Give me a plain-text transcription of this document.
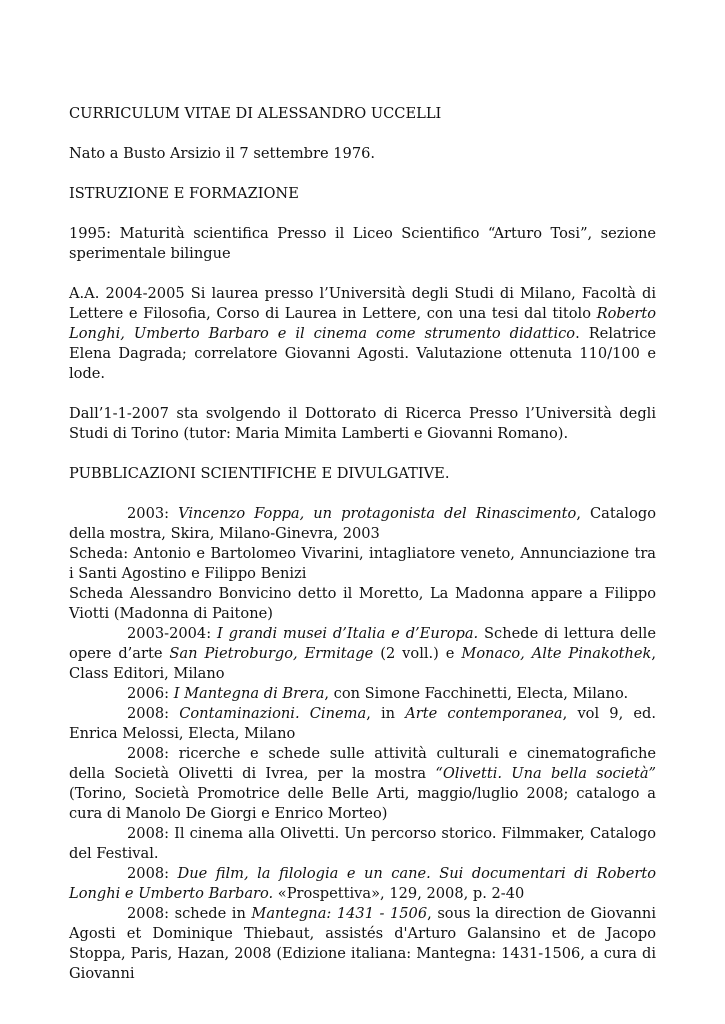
CURRICULUM VITAE DI ALESSANDRO UCCELLI

Nato a Busto Arsizio il 7 settembre 1976.

ISTRUZIONE E FORMAZIONE

1995: Maturità scientifica Presso il Liceo Scientifico “Arturo Tosi”, sezione sperimentale bilingue

A.A. 2004-2005 Si laurea presso l’Università degli Studi di Milano, Facoltà di Lettere e Filosofia, Corso di Laurea in Lettere, con una tesi dal titolo Roberto Longhi, Umberto Barbaro e il cinema come strumento didattico. Relatrice Elena Dagrada; correlatore Giovanni Agosti. Valutazione ottenuta 110/100 e lode.

Dall’1-1-2007 sta svolgendo il Dottorato di Ricerca Presso l’Università degli Studi di Torino (tutor: Maria Mimita Lamberti e Giovanni Romano).

PUBBLICAZIONI SCIENTIFICHE E DIVULGATIVE.

2003: Vincenzo Foppa, un protagonista del Rinascimento, Catalogo della mostra, Skira, Milano-Ginevra, 2003

Scheda: Antonio e Bartolomeo Vivarini, intagliatore veneto, Annunciazione tra i Santi Agostino e Filippo Benizi

Scheda Alessandro Bonvicino detto il Moretto, La Madonna appare a Filippo Viotti (Madonna di Paitone)

2003-2004: I grandi musei d’Italia e d’Europa. Schede di lettura delle opere d’arte San Pietroburgo, Ermitage (2 voll.) e Monaco, Alte Pinakothek, Class Editori, Milano

2006: I Mantegna di Brera, con Simone Facchinetti, Electa, Milano.

2008: Contaminazioni. Cinema, in Arte contemporanea, vol 9, ed. Enrica Melossi, Electa, Milano

2008: ricerche e schede sulle attività culturali e cinematografiche della Società Olivetti di Ivrea, per la mostra “Olivetti. Una bella società” (Torino, Società Promotrice delle Belle Arti, maggio/luglio 2008; catalogo a cura di Manolo De Giorgi e Enrico Morteo)

2008: Il cinema alla Olivetti. Un percorso storico. Filmmaker, Catalogo del Festival.

2008: Due film, la filologia e un cane. Sui documentari di Roberto Longhi e Umberto Barbaro. «Prospettiva», 129, 2008, p. 2-40

2008: schede in Mantegna: 1431 - 1506, sous la direction de Giovanni Agosti et Dominique Thiebaut, assistés d'Arturo Galansino et de Jacopo Stoppa, Paris, Hazan, 2008 (Edizione italiana: Mantegna: 1431-1506, a cura di Giovanni
